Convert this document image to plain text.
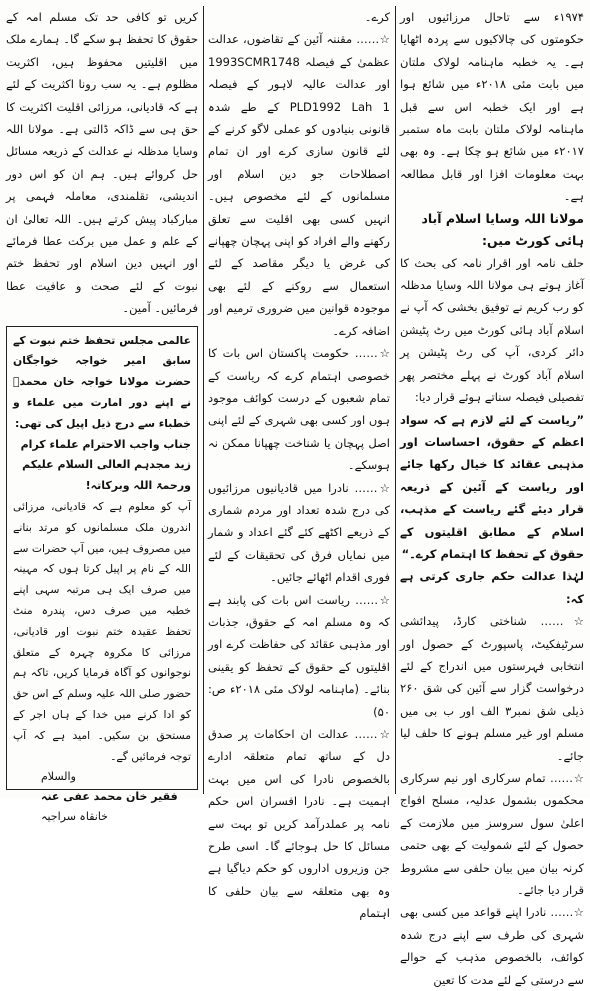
۱۹۷۴ء سے تاحال مرزائیوں اور حکومتوں کی چالاکیوں سے پردہ اٹھایا ہے۔ یہ خطبہ ماہنامہ لولاک ملتان میں بابت مئی ۲۰۱۸ء میں شائع ہوا ہے اور ایک خطبہ اس سے قبل ماہنامہ لولاک ملتان بابت ماہ ستمبر ۲۰۱۷ء میں شائع ہو چکا ہے۔ وہ بھی بہت معلومات افزا اور قابل مطالعہ ہے۔

مولانا اللہ وسایا اسلام آباد ہائی کورٹ میں:

حلف نامہ اور اقرار نامہ کی بحث کا آغاز ہوتے ہی مولانا اللہ وسایا مدظلہ کو رب کریم نے توفیق بخشی کہ آپ نے اسلام آباد ہائی کورٹ میں رٹ پٹیشن دائر کردی، آپ کی رٹ پٹیشن پر اسلام آباد کورٹ نے پہلے مختصر پھر تفصیلی فیصلہ سناتے ہوئے قرار دیا:

”ریاست کے لئے لازم ہے کہ سواد اعظم کے حقوق، احساسات اور مذہبی عقائد کا خیال رکھا جائے اور ریاست کے آئین کے ذریعہ قرار دیئے گئے ریاست کے مذہب، اسلام کے مطابق اقلیتوں کے حقوق کے تحفظ کا اہتمام کرے۔“

لہٰذا عدالت حکم جاری کرتی ہے کہ:

☆…… شناختی کارڈ، پیدائشی سرٹیفکیٹ، پاسپورٹ کے حصول اور انتخابی فہرستوں میں اندراج کے لئے درخواست گزار سے آئین کی شق ۲۶۰ ذیلی شق نمبر۳ الف اور ب بی میں مسلم اور غیر مسلم ہونے کا حلف لیا جائے۔

☆…… تمام سرکاری اور نیم سرکاری محکموں بشمول عدلیہ، مسلح افواج اعلیٰ سول سروسز میں ملازمت کے حصول کے لئے شمولیت کے بھی حتمی کرنہ بیان میں بیان حلفی سے مشروط قرار دیا جائے۔

☆…… نادرا اپنے قواعد میں کسی بھی شہری کی طرف سے اپنے درج شدہ کوائف، بالخصوص مذہب کے حوالے سے درستی کے لئے مدت کا تعین

کرے۔

☆…… مقننہ آئین کے تقاضوں، عدالت عظمیٰ کے فیصلہ 1993SCMR1748 اور عدالت عالیہ لاہور کے فیصلہ PLD1992 Lah 1 کے طے شدہ قانونی بنیادوں کو عملی لاگو کرنے کے لئے قانون سازی کرے اور ان تمام اصطلاحات جو دین اسلام اور مسلمانوں کے لئے مخصوص ہیں۔ انہیں کسی بھی اقلیت سے تعلق رکھنے والے افراد کو اپنی پہچان چھپانے کی غرض یا دیگر مقاصد کے لئے استعمال سے روکنے کے لئے بھی موجودہ قوانین میں ضروری ترمیم اور اضافہ کرے۔

☆…… حکومت پاکستان اس بات کا خصوصی اہتمام کرے کہ ریاست کے تمام شعبوں کے درست کوائف موجود ہوں اور کسی بھی شہری کے لئے اپنی اصل پہچان یا شناخت چھپانا ممکن نہ ہوسکے۔

☆…… نادرا میں قادیانیوں مرزائیوں کی درج شدہ تعداد اور مردم شماری کے ذریعے اکٹھے کئے گئے اعداد و شمار میں نمایاں فرق کی تحقیقات کے لئے فوری اقدام اٹھائے جائیں۔

☆…… ریاست اس بات کی پابند ہے کہ وہ مسلم امہ کے حقوق، جذبات اور مذہبی عقائد کی حفاظت کرے اور اقلیتوں کے حقوق کے تحفظ کو یقینی بنائے۔ (ماہنامہ لولاک مئی ۲۰۱۸ء ص: ۵۰)

☆…… عدالت ان احکامات پر صدق دل کے ساتھ تمام متعلقہ ادارے بالخصوص نادرا کی اس میں بہت اہمیت ہے۔ نادرا افسران اس حکم نامہ پر عملدرآمد کریں تو بہت سے مسائل کا حل ہوجائے گا۔ اسی طرح جن وزیروں اداروں کو حکم دیاگیا ہے وہ بھی متعلقہ سے بیان حلفی کا اہتمام

کریں تو کافی حد تک مسلم امہ کے حقوق کا تحفظ ہو سکے گا۔ ہمارے ملک میں اقلیتیں محفوظ ہیں، اکثریت مظلوم ہے۔ یہ سب رونا اکثریت کے لئے ہے کہ قادیانی، مرزائی اقلیت اکثریت کا حق ہی سے ڈاکہ ڈالتی ہے۔ مولانا اللہ وسایا مدظلہ نے عدالت کے ذریعہ مسائل حل کروائے ہیں۔ ہم ان کو اس دور اندیشی، تقلمندی، معاملہ فہمی پر مبارکباد پیش کرتے ہیں۔ اللہ تعالیٰ ان کے علم و عمل میں برکت عطا فرمائے اور انہیں دین اسلام اور تحفظ ختم نبوت کے لئے صحت و عافیت عطا فرمائیں۔ آمین۔

عالمی مجلس تحفظ ختم نبوت کے سابق امیر خواجہ خواجگان حضرت مولانا خواجہ خان محمدؒ نے اپنے دور امارت میں علماء و خطباء سے درج ذیل اپیل کی تھی:

جناب واجب الاحترام علماء کرام زید مجدہم العالی السلام علیکم ورحمۃ اللہ وبرکاتہ!

آپ کو معلوم ہے کہ قادیانی، مرزائی اندرون ملک مسلمانوں کو مرتد بنانے میں مصروف ہیں، میں آپ حضرات سے اللہ کے نام پر اپیل کرتا ہوں کہ مہینہ میں صرف ایک ہی مرتبہ سہی اپنے خطبہ میں صرف دس، پندرہ منٹ تحفظ عقیدہ ختم نبوت اور قادیانی، مرزائی کا مکروہ چہرہ کے متعلق نوجوانوں کو آگاہ فرمایا کریں، تاکہ ہم حضور صلی اللہ علیہ وسلم کے اس حق کو ادا کرنے میں خدا کے ہاں اجر کے مستحق بن سکیں۔ امید ہے کہ آپ توجہ فرمائیں گے۔

والسلام

فقیر خان محمد عفی عنہ

خانقاہ سراجیہ
